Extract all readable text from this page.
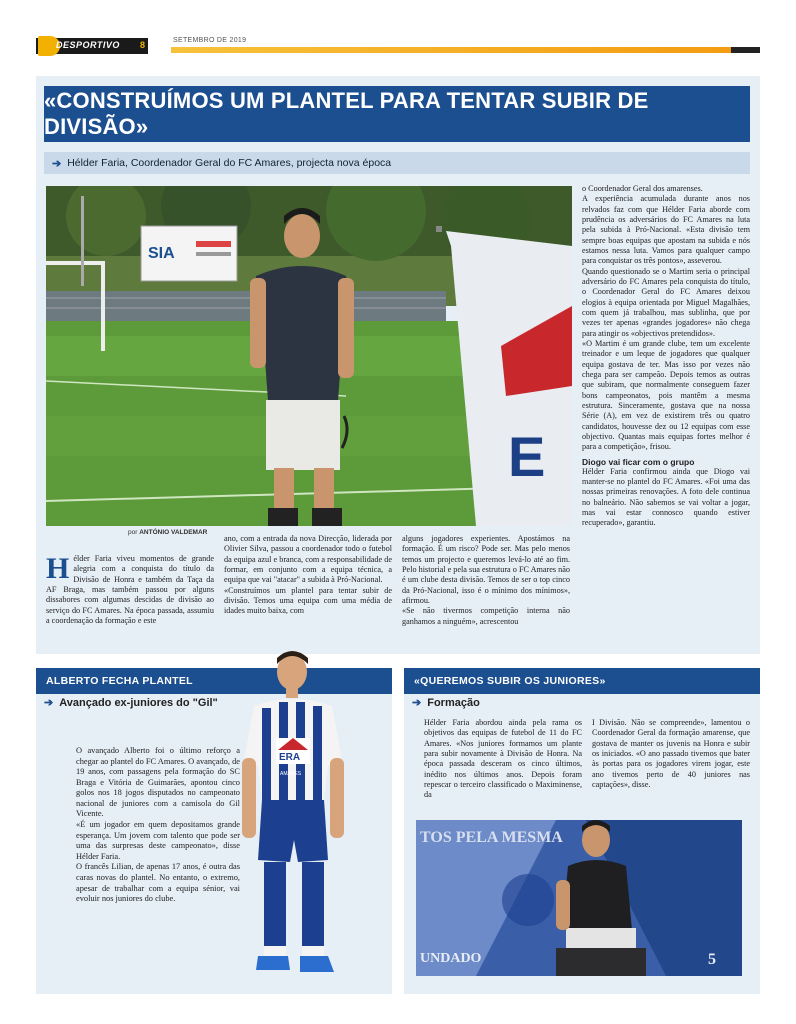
DESPORTIVO 8	SETEMBRO DE 2019
«CONSTRUÍMOS UM PLANTEL PARA TENTAR SUBIR DE DIVISÃO»
➔ Hélder Faria, Coordenador Geral do FC Amares, projecta nova época
SIA
E
por ANTÓNIO VALDEMAR

Hélder Faria viveu momentos de grande alegria com a conquista do título da Divisão de Honra e também da Taça da AF Braga, mas também passou por alguns dissabores com algumas descidas de divisão ao serviço do FC Amares. Na época passada, assumiu a coordenação da formação e este

ano, com a entrada da nova Direcção, liderada por Olivier Silva, passou a coordenador todo o futebol da equipa azul e branca, com a responsabilidade de formar, em conjunto com a equipa técnica, a equipa que vai "atacar" a subida à Pró-Nacional.

«Construímos um plantel para tentar subir de divisão. Temos uma equipa com uma média de idades muito baixa, com

alguns jogadores experientes. Apostámos na formação. É um risco? Pode ser. Mas pelo menos temos um projecto e queremos levá-lo até ao fim. Pelo historial e pela sua estrutura o FC Amares não é um clube desta divisão. Temos de ser o top cinco da Pró-Nacional, isso é o mínimo dos mínimos», afirmou.

«Se não tivermos competição interna não ganhamos a ninguém», acrescentou

o Coordenador Geral dos amarenses.

A experiência acumulada durante anos nos relvados faz com que Hélder Faria aborde com prudência os adversários do FC Amares na luta pela subida à Pró-Nacional. «Esta divisão tem sempre boas equipas que apostam na subida e nós estamos nessa luta. Vamos para qualquer campo para conquistar os três pontos», asseverou.

Quando questionado se o Martim seria o principal adversário do FC Amares pela conquista do título, o Coordenador Geral do FC Amares deixou elogios à equipa orientada por Miguel Magalhães, com quem já trabalhou, mas sublinha, que por vezes ter apenas «grandes jogadores» não chega para atingir os «objectivos pretendidos».

«O Martim é um grande clube, tem um excelente treinador e um leque de jogadores que qualquer equipa gostava de ter. Mas isso por vezes não chega para ser campeão. Depois temos as outras que subiram, que normalmente conseguem fazer bons campeonatos, pois mantêm a mesma estrutura. Sinceramente, gostava que na nossa Série (A), em vez de existirem três ou quatro candidatos, houvesse dez ou 12 equipas com esse objectivo. Quantas mais equipas fortes melhor é para a competição», frisou.

Diogo vai ficar com o grupo

Hélder Faria confirmou ainda que Diogo vai manter-se no plantel do FC Amares. «Foi uma das nossas primeiras renovações. A foto dele continua no balneário. Não sabemos se vai voltar a jogar, mas vai estar connosco quando estiver recuperado», garantiu.

ALBERTO FECHA PLANTEL
➔ Avançado ex-juniores do "Gil"

O avançado Alberto foi o último reforço a chegar ao plantel do FC Amares. O avançado, de 19 anos, com passagens pela formação do SC Braga e Vitória de Guimarães, apontou cinco golos nos 18 jogos disputados no campeonato nacional de juniores com a camisola do Gil Vicente.

«É um jogador em quem depositamos grande esperança. Um jovem com talento que pode ser uma das surpresas deste campeonato», disse Hélder Faria.

O francês Lilian, de apenas 17 anos, é outra das caras novas do plantel. No entanto, o extremo, apesar de trabalhar com a equipa sénior, vai evoluir nos juniores do clube.

ERA
AMARES
«QUEREMOS SUBIR OS JUNIORES»
➔ Formação

Hélder Faria abordou ainda pela rama os objetivos das equipas de futebol de 11 do FC Amares. «Nos juniores formamos um plante para subir novamente à Divisão de Honra. Na época passada desceram os cinco últimos, inédito nos últimos anos. Depois foram repescar o terceiro classificado o Maximinense, da

I Divisão. Não se compreende», lamentou o Coordenador Geral da formação amarense, que gostava de manter os juvenis na Honra e subir os iniciados. «O ano passado tivemos que bater às portas para os jogadores virem jogar, este ano tivemos perto de 40 juniores nas captações», disse.

TOS PELA MESMA
UNDADO	5
